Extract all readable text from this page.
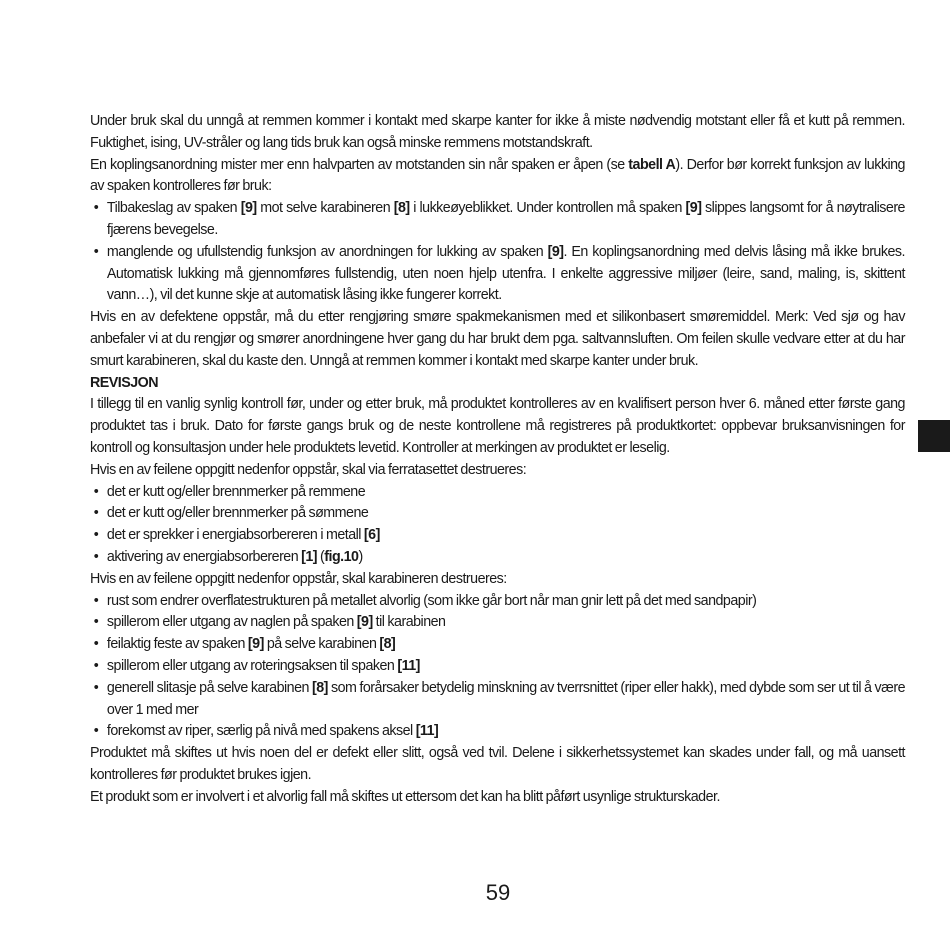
Under bruk skal du unngå at remmen kommer i kontakt med skarpe kanter for ikke å miste nødvendig motstant eller få et kutt på remmen. Fuktighet, ising, UV-stråler og lang tids bruk kan også minske remmens motstandskraft.

En koplingsanordning mister mer enn halvparten av motstanden sin når spaken er åpen (se tabell A). Derfor bør korrekt funksjon av lukking av spaken kontrolleres før bruk:

• Tilbakeslag av spaken [9] mot selve karabineren [8] i lukkeøyeblikket. Under kontrollen må spaken [9] slippes langsomt for å nøytralisere fjærens bevegelse.

• manglende og ufullstendig funksjon av anordningen for lukking av spaken [9]. En koplingsanordning med delvis låsing må ikke brukes. Automatisk lukking må gjennomføres fullstendig, uten noen hjelp utenfra. I enkelte aggressive miljøer (leire, sand, maling, is, skittent vann…), vil det kunne skje at automatisk låsing ikke fungerer korrekt.

Hvis en av defektene oppstår, må du etter rengjøring smøre spakmekanismen med et silikonbasert smøremiddel. Merk: Ved sjø og hav anbefaler vi at du rengjør og smører anordningene hver gang du har brukt dem pga. saltvannsluften. Om feilen skulle vedvare etter at du har smurt karabineren, skal du kaste den. Unngå at remmen kommer i kontakt med skarpe kanter under bruk.

REVISJON

I tillegg til en vanlig synlig kontroll før, under og etter bruk, må produktet kontrolleres av en kvalifisert person hver 6. måned etter første gang produktet tas i bruk. Dato for første gangs bruk og de neste kontrollene må registreres på produktkortet: oppbevar bruksanvisningen for kontroll og konsultasjon under hele produktets levetid. Kontroller at merkingen av produktet er leselig.

Hvis en av feilene oppgitt nedenfor oppstår, skal via ferratasettet destrueres:

• det er kutt og/eller brennmerker på remmene

• det er kutt og/eller brennmerker på sømmene

• det er sprekker i energiabsorbereren i metall [6]

• aktivering av energiabsorbereren [1] (fig.10)

Hvis en av feilene oppgitt nedenfor oppstår, skal karabineren destrueres:

• rust som endrer overflatestrukturen på metallet alvorlig (som ikke går bort når man gnir lett på det med sandpapir)

• spillerom eller utgang av naglen på spaken [9] til karabinen

• feilaktig feste av spaken [9] på selve karabinen [8]

• spillerom eller utgang av roteringsaksen til spaken [11]

• generell slitasje på selve karabinen [8] som forårsaker betydelig minskning av tverrsnittet (riper eller hakk), med dybde som ser ut til å være over 1 med mer

• forekomst av riper, særlig på nivå med spakens aksel [11]

Produktet må skiftes ut hvis noen del er defekt eller slitt, også ved tvil. Delene i sikkerhetssystemet kan skades under fall, og må uansett kontrolleres før produktet brukes igjen.

Et produkt som er involvert i et alvorlig fall må skiftes ut ettersom det kan ha blitt påført usynlige strukturskader.

59
